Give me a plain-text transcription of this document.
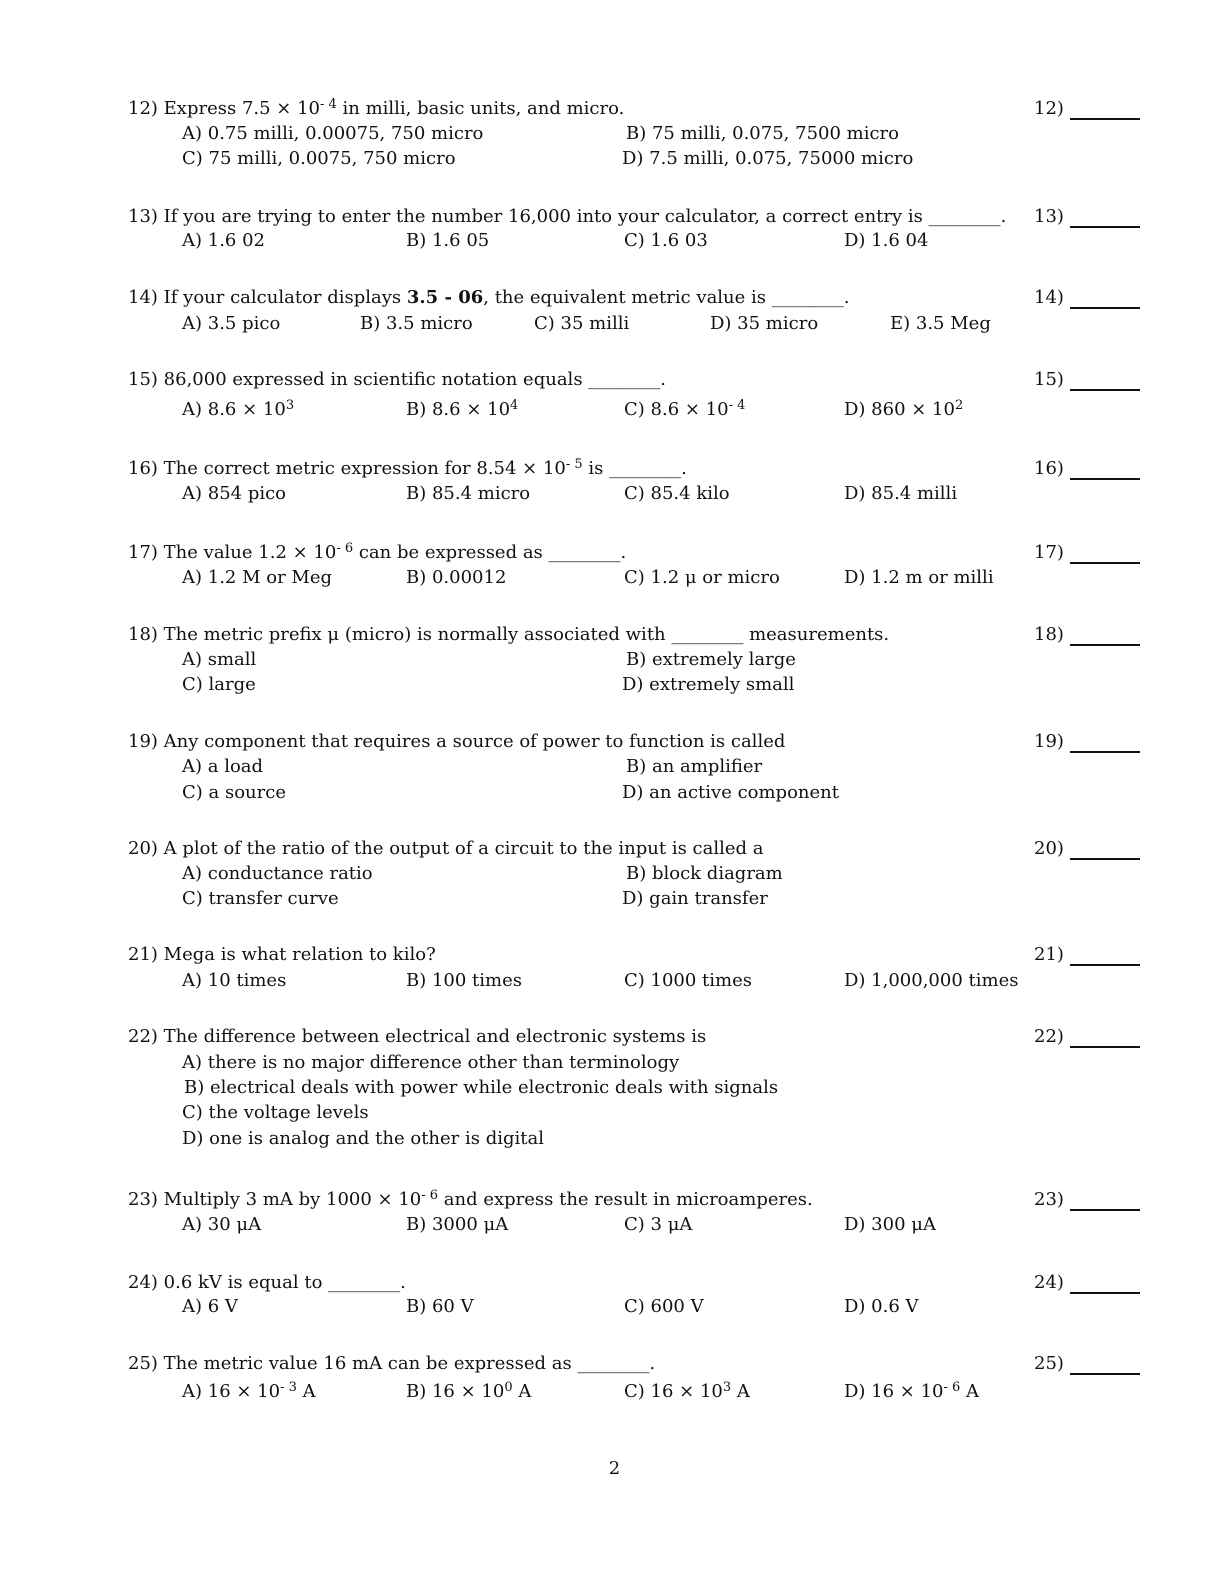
12) Express $7.5 \times 10^{- 4}$ in milli, basic units, and micro.	12)
A) 0.75 milli, 0.00075, 750 micro	B) 75 milli, 0.075, 7500 micro
C) 75 milli, 0.0075, 750 micro	D) 7.5 milli, 0.075, 75000 micro
13) If you are trying to enter the number 16,000 into your calculator, a correct entry is ________. 13)
A) 1.6 02	B) 1.6 05	C) 1.6 03	D) 1.6 04
14) If your calculator displays 3.5 - 06, the equivalent metric value is ________.	14)
A) 3.5 pico	B) 3.5 micro	C) 35 milli	D) 35 micro	E) 3.5 Meg
15) 86,000 expressed in scientific notation equals ________.	15)
A) $8.6 \times 10^3$	B) $8.6 \times 10^4$	C) $8.6 \times 10^{- 4}$	D) $860 \times 10^2$
16) The correct metric expression for $8.54 \times 10^{- 5}$ is ________.	16)
A) 854 pico	B) 85.4 micro	C) 85.4 kilo	D) 85.4 milli
17) The value $1.2 \times 10^{- 6}$ can be expressed as ________.	17)
A) 1.2 M or Meg	B) 0.00012	C) 1.2 μ or micro	D) 1.2 m or milli
18) The metric prefix μ (micro) is normally associated with ________ measurements.	18)
A) small	B) extremely large
C) large	D) extremely small
19) Any component that requires a source of power to function is called	19)
A) a load	B) an amplifier
C) a source	D) an active component
20) A plot of the ratio of the output of a circuit to the input is called a	20)
A) conductance ratio	B) block diagram
C) transfer curve	D) gain transfer
21) Mega is what relation to kilo?	21)
A) 10 times	B) 100 times	C) 1000 times	D) 1,000,000 times
22) The difference between electrical and electronic systems is	22)
A) there is no major difference other than terminology
B) electrical deals with power while electronic deals with signals
C) the voltage levels
D) one is analog and the other is digital
23) Multiply 3 mA by $1000 \times 10^{- 6}$ and express the result in microamperes.	23)
A) 30 μA	B) 3000 μA	C) 3 μA	D) 300 μA
24) 0.6 kV is equal to ________.	24)
A) 6 V	B) 60 V	C) 600 V	D) 0.6 V
25) The metric value 16 mA can be expressed as ________.	25)
A) $16 \times 10^{- 3}$ A	B) $16 \times 10^0$ A	C) $16 \times 10^3$ A	D) $16 \times 10^{- 6}$ A
2
